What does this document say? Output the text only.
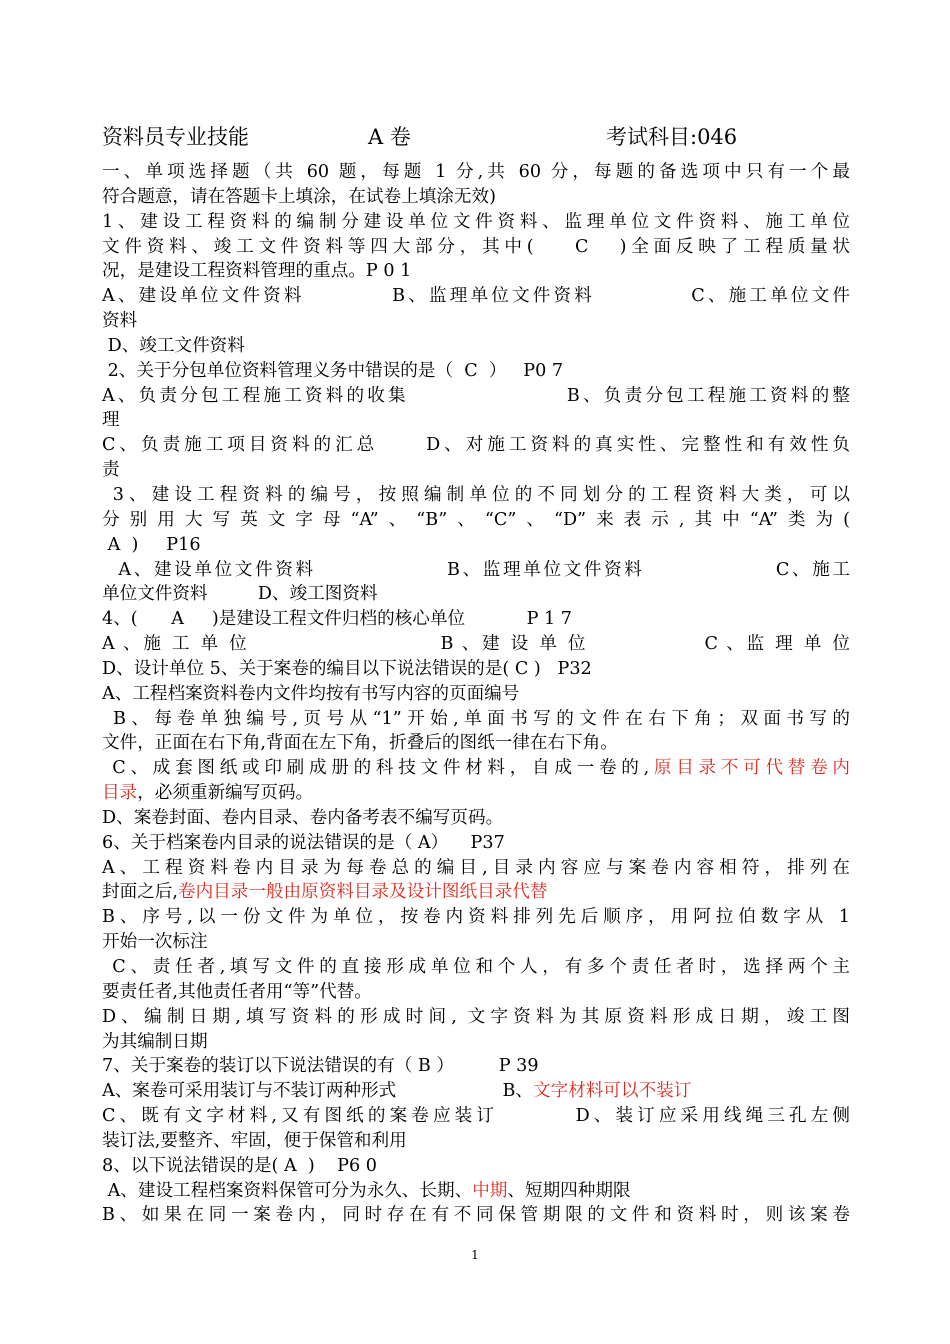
资料员专业技能	A 卷	考试科目:046
一、单项选择题（共 60 题，每题 1 分,共 60 分，每题的备选项中只有一个最
符合题意，请在答题卡上填涂，在试卷上填涂无效)
1、建设工程资料的编制分建设单位文件资料、监理单位文件资料、施工单位
文件资料、竣工文件资料等四大部分，其中(    C   )全面反映了工程质量状
况，是建设工程资料管理的重点。P 0 1
A、建设单位文件资料          B、监理单位文件资料           C、施工单位文件
资料
D、竣工文件资料
2、关于分包单位资料管理义务中错误的是（  C  ）   P0 7
A、负责分包工程施工资料的收集                  B、负责分包工程施工资料的整
理
C、负责施工项目资料的汇总     D、对施工资料的真实性、完整性和有效性负
责
3、建设工程资料的编号，按照编制单位的不同划分的工程资料大类，可以
分别用大写英文字母“A”、“B”、“C”、“D”来表示,其中“A”类为(
A  )     P16
A、建设单位文件资料                B、监理单位文件资料                C、施工
单位文件资料         D、竣工图资料
4、(      A     )是建设工程文件归档的核心单位           P 1 7
A 、施 工 单 位                       B 、建 设 单 位              C 、监 理 单 位
D、设计单位 5、关于案卷的编目以下说法错误的是( C )   P32
A、工程档案资料卷内文件均按有书写内容的页面编号
B、每卷单独编号,页号从“1”开始,单面书写的文件在右下角；双面书写的
文件，正面在右下角,背面在左下角，折叠后的图纸一律在右下角。
C、成套图纸或印刷成册的科技文件材料，自成一卷的,原目录不可代替卷内
目录，必须重新编写页码。
D、案卷封面、卷内目录、卷内备考表不编写页码。
6、关于档案卷内目录的说法错误的是（ A）    P37
A、工程资料卷内目录为每卷总的编目,目录内容应与案卷内容相符，排列在
封面之后,卷内目录一般由原资料目录及设计图纸目录代替
B、序号,以一份文件为单位，按卷内资料排列先后顺序，用阿拉伯数字从 1
开始一次标注
C、责任者,填写文件的直接形成单位和个人，有多个责任者时，选择两个主
要责任者,其他责任者用“等”代替。
D、编制日期,填写资料的形成时间, 文字资料为其原资料形成日期，竣工图
为其编制日期
7、关于案卷的装订以下说法错误的有（ B ）        P 39
A、案卷可采用装订与不装订两种形式                   B、文字材料可以不装订
C、既有文字材料,又有图纸的案卷应装订        D、装订应采用线绳三孔左侧
装订法,要整齐、牢固，便于保管和利用
8、以下说法错误的是( A  )    P6 0
A、建设工程档案资料保管可分为永久、长期、中期、短期四种期限
B、如果在同一案卷内，同时存在有不同保管期限的文件和资料时，则该案卷
1
